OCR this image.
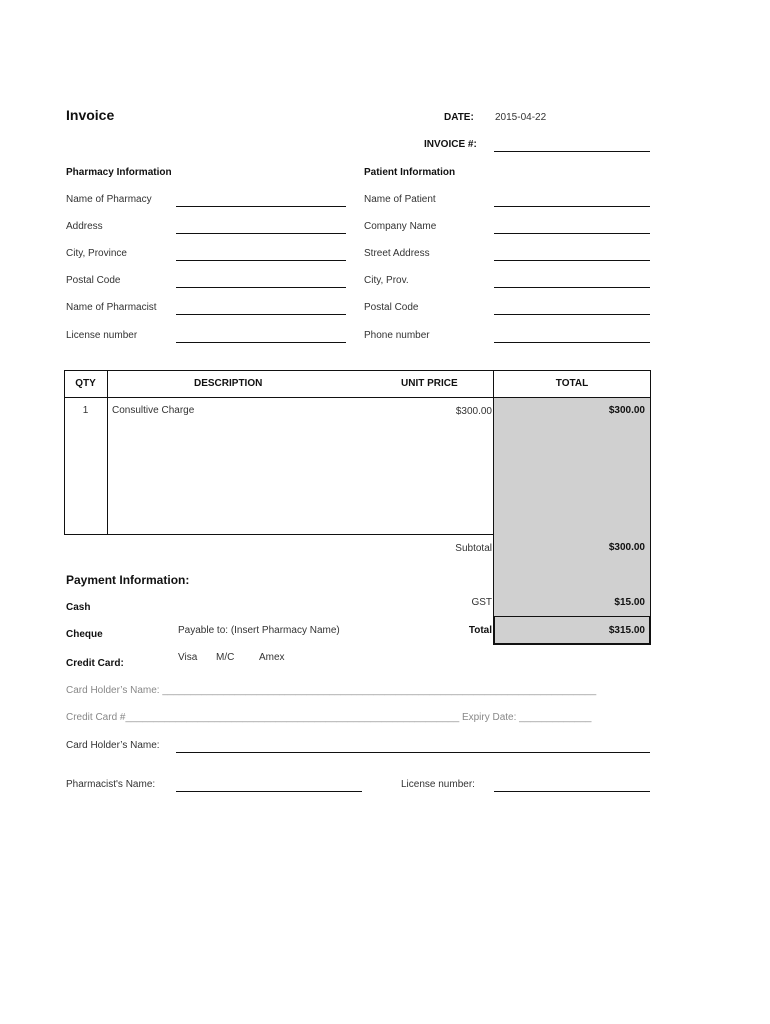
Invoice	DATE: 2015-04-22
INVOICE #:
Pharmacy Information	Patient Information
Name of Pharmacy
Address
City, Province
Postal Code
Name of Pharmacist
License number
Name of Patient
Company Name
Street Address
City, Prov.
Postal Code
Phone number
QTY	DESCRIPTION	UNIT PRICE	TOTAL
1	Consultive Charge	$300.00	$300.00
Subtotal	$300.00
GST	$15.00
Total	$315.00
Payment Information:
Cash
Cheque	Payable to: (Insert Pharmacy Name)
Credit Card:
Visa M/C Amex
Card Holder’s Name: ______________________________________________________________________________
Credit Card #____________________________________________________________ Expiry Date: _____________
Card Holder’s Name:
Pharmacist's Name:	License number:
